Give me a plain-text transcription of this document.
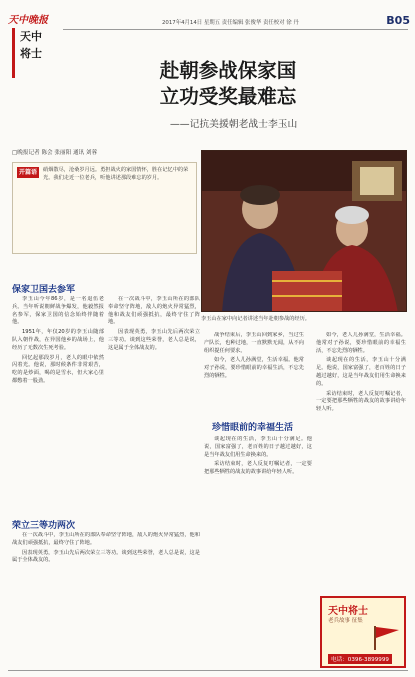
天中晚报	2017年4月14日 星期五 责任编辑 张俊华 责任校对 徐 丹	B05
天中
将士
赴朝参战保家国
立功受奖最难忘
——记抗美援朝老战士李玉山
□晚报记者 陈会 张丽阳 通讯 刘蓉
开篇语	硝烟散尽，沧桑岁月远。勇担战火的家国情怀，胜在记忆中的荣光。我们走近一位老兵，听他讲述那段难忘的岁月。
李玉山在家中向记者讲述当年赴朝参战的经历。
保家卫国去参军

李玉山今年86岁，是一名退伍老兵。当年听说朝鲜战争爆发，他毅然报名参军，保家卫国的信念始终伴随着他。

1951年，年仅20岁的李玉山随部队入朝作战，在异国他乡的战场上，他经历了无数次生死考验。

回忆起那段岁月，老人的眼中依然闪着光。他说，那时候条件非常艰苦，吃的是炒面，喝的是雪水，但大家心里都憋着一股劲。

在一次战斗中，李玉山所在的部队奉命坚守阵地，敌人的炮火异常猛烈，他和战友们顽强抵抗，最终守住了阵地。

因表现英勇，李玉山先后两次荣立三等功。谈到这些荣誉，老人总是说，这是属于全体战友的。

荣立三等功两次

在一次战斗中，李玉山所在的部队奉命坚守阵地，敌人的炮火异常猛烈，他和战友们顽强抵抗，最终守住了阵地。

因表现英勇，李玉山先后两次荣立三等功。谈到这些荣誉，老人总是说，这是属于全体战友的。

战争结束后，李玉山回到家乡，当过生产队长，也种过地，一直默默无闻，从不向组织提任何要求。

如今，老人儿孙满堂，生活幸福。他常对子孙说，要珍惜眼前的幸福生活，不忘先烈的牺牲。

珍惜眼前的幸福生活

谈起现在的生活，李玉山十分满足。他说，国家富强了，老百姓的日子越过越好，这是当年战友们用生命换来的。

采访结束时，老人反复叮嘱记者，一定要把那些牺牲的战友的故事讲给年轻人听。

如今，老人儿孙满堂，生活幸福。他常对子孙说，要珍惜眼前的幸福生活，不忘先烈的牺牲。

谈起现在的生活，李玉山十分满足。他说，国家富强了，老百姓的日子越过越好，这是当年战友们用生命换来的。

采访结束时，老人反复叮嘱记者，一定要把那些牺牲的战友的故事讲给年轻人听。

天中将士
老兵故事 征集
电话：0396-3899999
